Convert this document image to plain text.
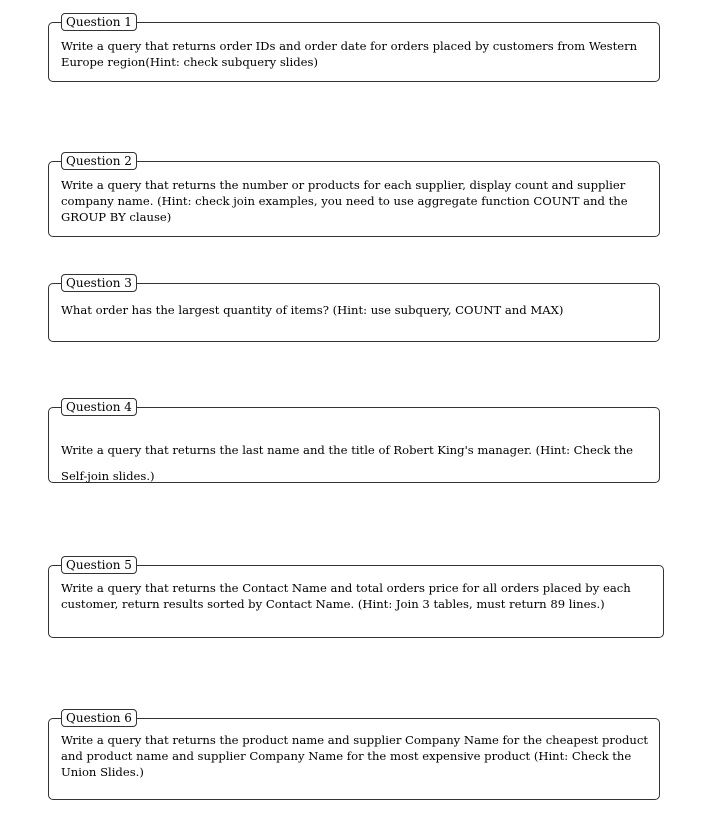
Question 1

Write a query that returns order IDs and order date for orders placed by customers from Western Europe region(Hint: check subquery slides)

Question 2

Write a query that returns the number or products for each supplier, display count and supplier company name. (Hint: check join examples, you need to use aggregate function COUNT and the GROUP BY clause)

Question 3

What order has the largest quantity of items? (Hint: use subquery, COUNT and MAX)

Question 4

Write a query that returns the last name and the title of Robert King's manager. (Hint: Check the Self-join slides.)

Question 5

Write a query that returns the Contact Name and total orders price for all orders placed by each customer, return results sorted by Contact Name. (Hint: Join 3 tables, must return 89 lines.)

Question 6

Write a query that returns the product name and supplier Company Name for the cheapest product and product name and supplier Company Name for the most expensive product (Hint: Check the Union Slides.)
